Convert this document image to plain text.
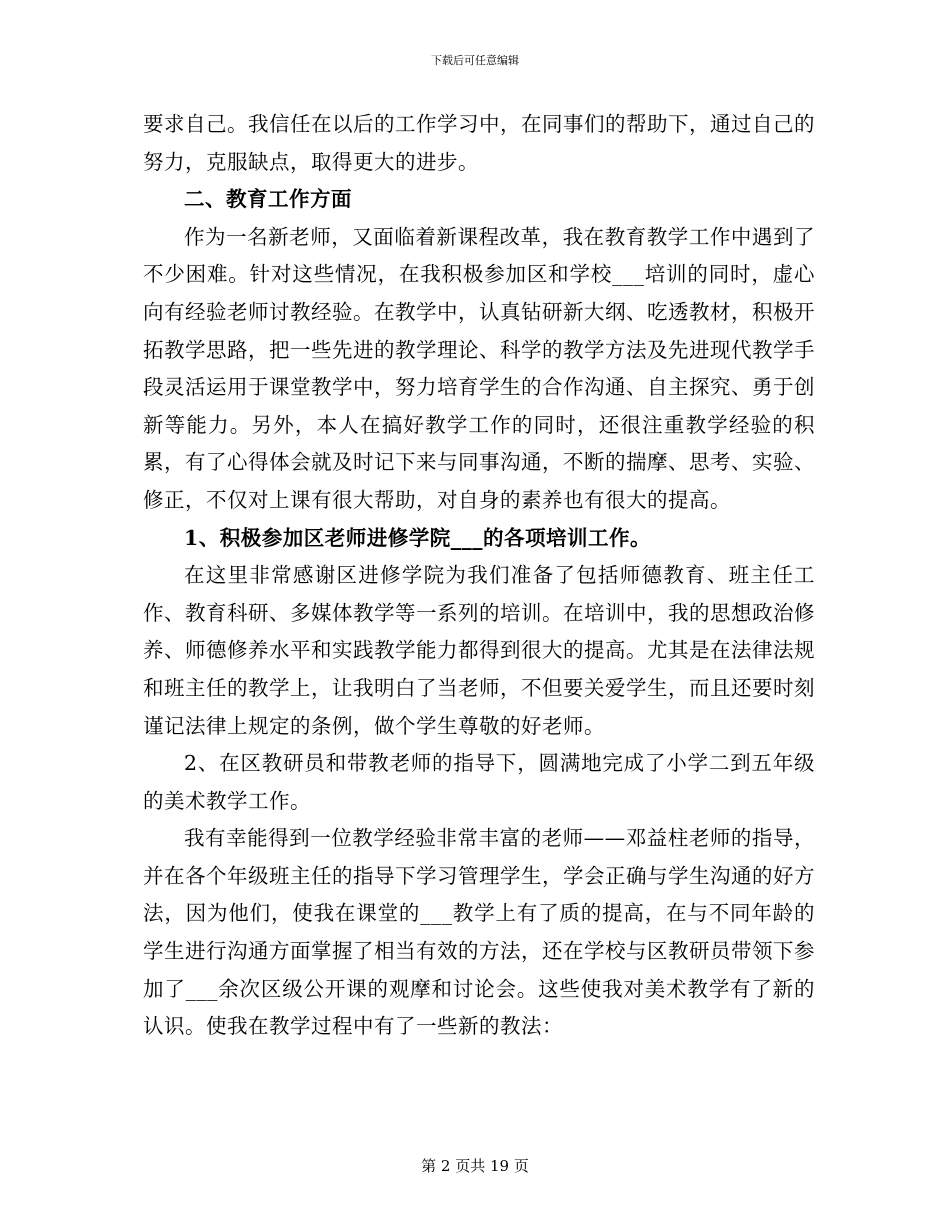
下载后可任意编辑

要求自己。我信任在以后的工作学习中，在同事们的帮助下，通过自己的努力，克服缺点，取得更大的进步。

二、教育工作方面

作为一名新老师，又面临着新课程改革，我在教育教学工作中遇到了不少困难。针对这些情况，在我积极参加区和学校___培训的同时，虚心向有经验老师讨教经验。在教学中，认真钻研新大纲、吃透教材，积极开拓教学思路，把一些先进的教学理论、科学的教学方法及先进现代教学手段灵活运用于课堂教学中，努力培育学生的合作沟通、自主探究、勇于创新等能力。另外，本人在搞好教学工作的同时，还很注重教学经验的积累，有了心得体会就及时记下来与同事沟通，不断的揣摩、思考、实验、修正，不仅对上课有很大帮助，对自身的素养也有很大的提高。

1、积极参加区老师进修学院___的各项培训工作。

在这里非常感谢区进修学院为我们准备了包括师德教育、班主任工作、教育科研、多媒体教学等一系列的培训。在培训中，我的思想政治修养、师德修养水平和实践教学能力都得到很大的提高。尤其是在法律法规和班主任的教学上，让我明白了当老师，不但要关爱学生，而且还要时刻谨记法律上规定的条例，做个学生尊敬的好老师。

2、在区教研员和带教老师的指导下，圆满地完成了小学二到五年级的美术教学工作。

我有幸能得到一位教学经验非常丰富的老师——邓益柱老师的指导，并在各个年级班主任的指导下学习管理学生，学会正确与学生沟通的好方法，因为他们，使我在课堂的___教学上有了质的提高，在与不同年龄的学生进行沟通方面掌握了相当有效的方法，还在学校与区教研员带领下参加了___余次区级公开课的观摩和讨论会。这些使我对美术教学有了新的认识。使我在教学过程中有了一些新的教法：

第 2 页共 19 页
